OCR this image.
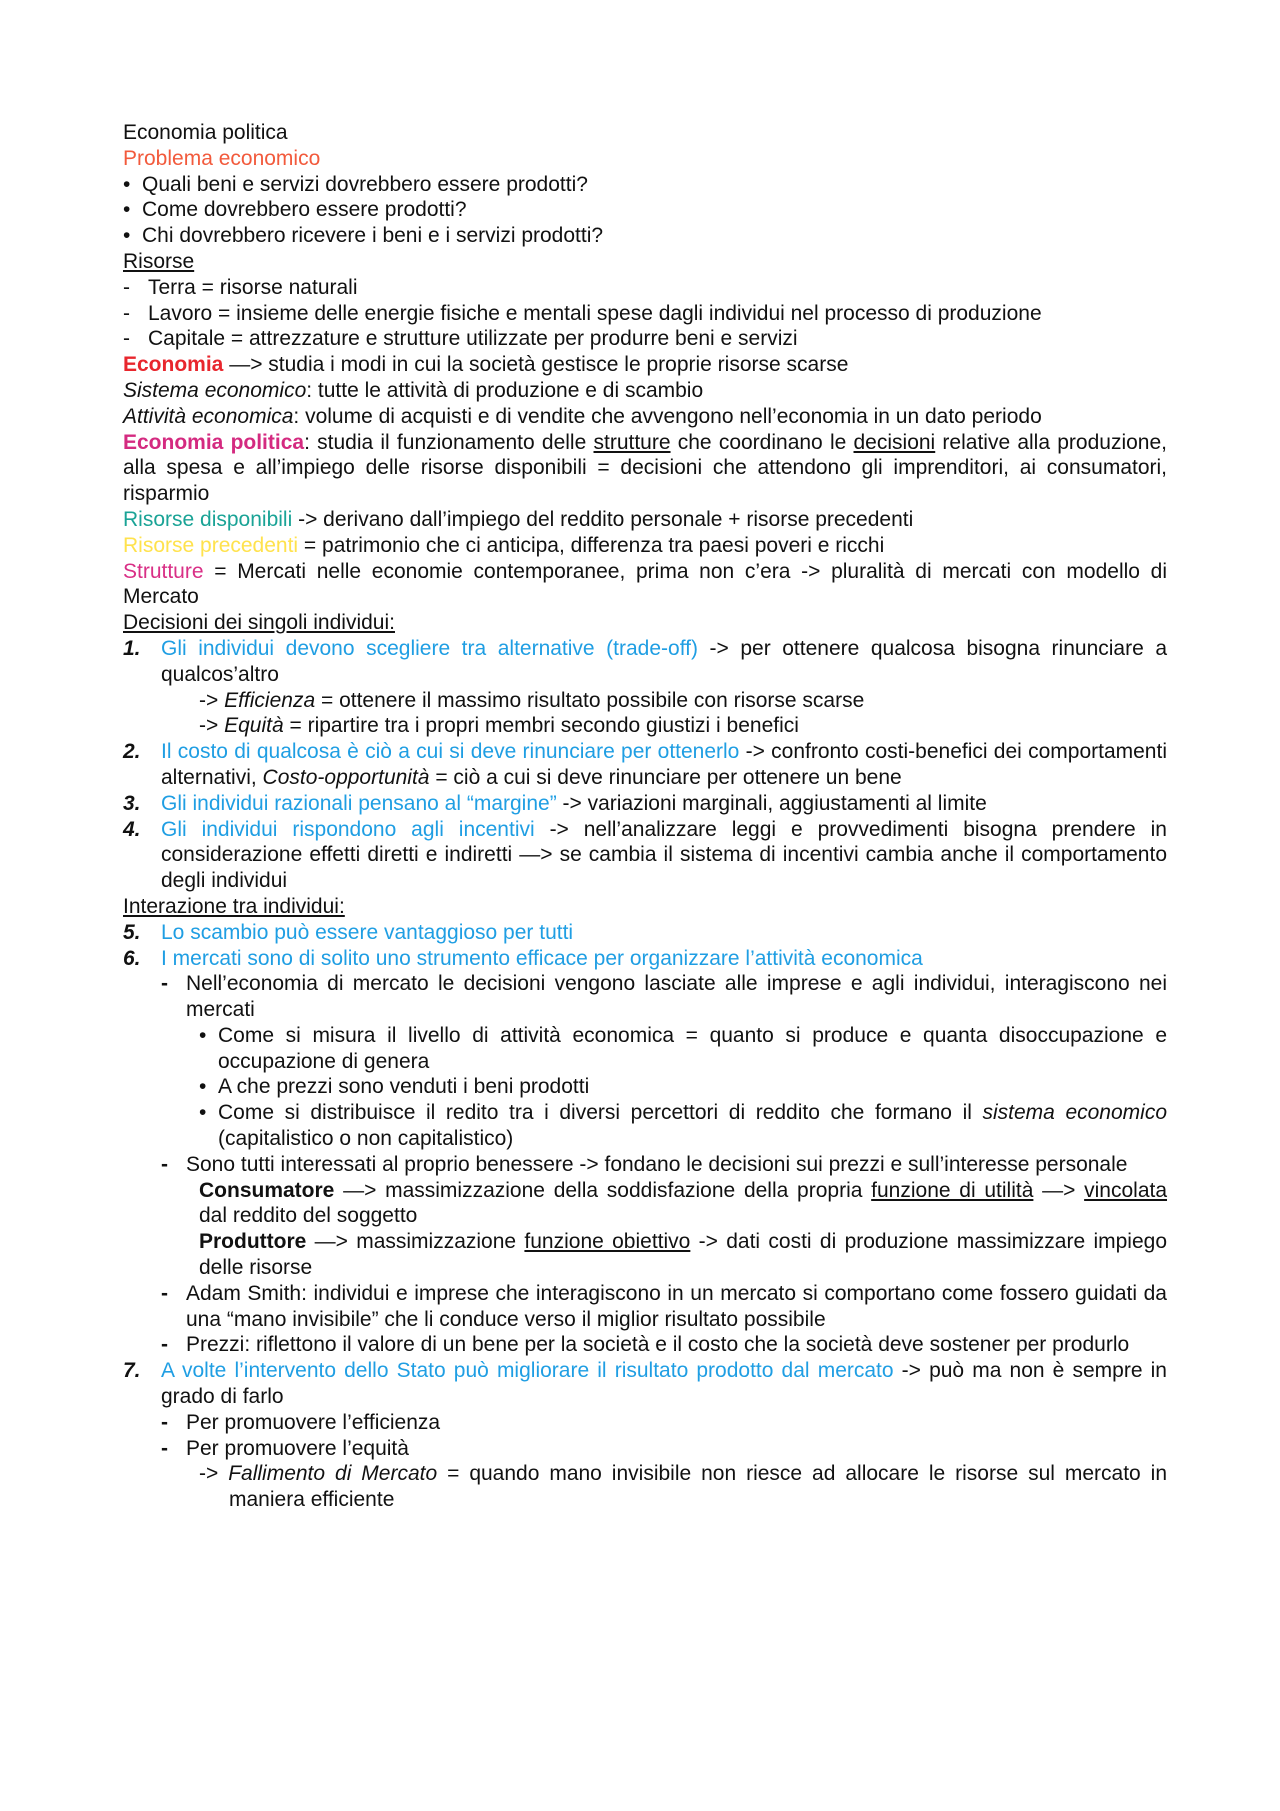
Economia politica

Problema economico

• Quali beni e servizi dovrebbero essere prodotti?
• Come dovrebbero essere prodotti?
• Chi dovrebbero ricevere i beni e i servizi prodotti?

Risorse

- Terra = risorse naturali
- Lavoro = insieme delle energie fisiche e mentali spese dagli individui nel processo di produzione
- Capitale = attrezzature e strutture utilizzate per produrre beni e servizi

Economia —> studia i modi in cui la società gestisce le proprie risorse scarse

Sistema economico: tutte le attività di produzione e di scambio

Attività economica: volume di acquisti e di vendite che avvengono nell’economia in un dato periodo

Economia politica: studia il funzionamento delle strutture che coordinano le decisioni relative alla produzione, alla spesa e all’impiego delle risorse disponibili = decisioni che attendono gli imprenditori, ai consumatori, risparmio

Risorse disponibili -> derivano dall’impiego del reddito personale + risorse precedenti

Risorse precedenti = patrimonio che ci anticipa, differenza tra paesi poveri e ricchi

Strutture = Mercati nelle economie contemporanee, prima non c’era -> pluralità di mercati con modello di Mercato

Decisioni dei singoli individui:

1. Gli individui devono scegliere tra alternative (trade-off) -> per ottenere qualcosa bisogna rinunciare a qualcos’altro

-> Efficienza = ottenere il massimo risultato possibile con risorse scarse

-> Equità = ripartire tra i propri membri secondo giustizi i benefici

2. Il costo di qualcosa è ciò a cui si deve rinunciare per ottenerlo -> confronto costi-benefici dei comportamenti alternativi, Costo-opportunità = ciò a cui si deve rinunciare per ottenere un bene
3. Gli individui razionali pensano al “margine” -> variazioni marginali, aggiustamenti al limite
4. Gli individui rispondono agli incentivi -> nell’analizzare leggi e provvedimenti bisogna prendere in considerazione effetti diretti e indiretti —> se cambia il sistema di incentivi cambia anche il comportamento degli individui

Interazione tra individui:

5. Lo scambio può essere vantaggioso per tutti
6. I mercati sono di solito uno strumento efficace per organizzare l’attività economica
- Nell’economia di mercato le decisioni vengono lasciate alle imprese e agli individui, interagiscono nei mercati
• Come si misura il livello di attività economica = quanto si produce e quanta disoccupazione e occupazione di genera
• A che prezzi sono venduti i beni prodotti
• Come si distribuisce il redito tra i diversi percettori di reddito che formano il sistema economico (capitalistico o non capitalistico)
- Sono tutti interessati al proprio benessere -> fondano le decisioni sui prezzi e sull’interesse personale

Consumatore —> massimizzazione della soddisfazione della propria funzione di utilità —> vincolata dal reddito del soggetto

Produttore —> massimizzazione funzione obiettivo -> dati costi di produzione massimizzare impiego delle risorse

- Adam Smith: individui e imprese che interagiscono in un mercato si comportano come fossero guidati da una “mano invisibile” che li conduce verso il miglior risultato possibile
- Prezzi: riflettono il valore di un bene per la società e il costo che la società deve sostener per produrlo
7. A volte l’intervento dello Stato può migliorare il risultato prodotto dal mercato -> può ma non è sempre in grado di farlo
- Per promuovere l’efficienza
- Per promuovere l’equità

-> Fallimento di Mercato = quando mano invisibile non riesce ad allocare le risorse sul mercato in maniera efficiente
